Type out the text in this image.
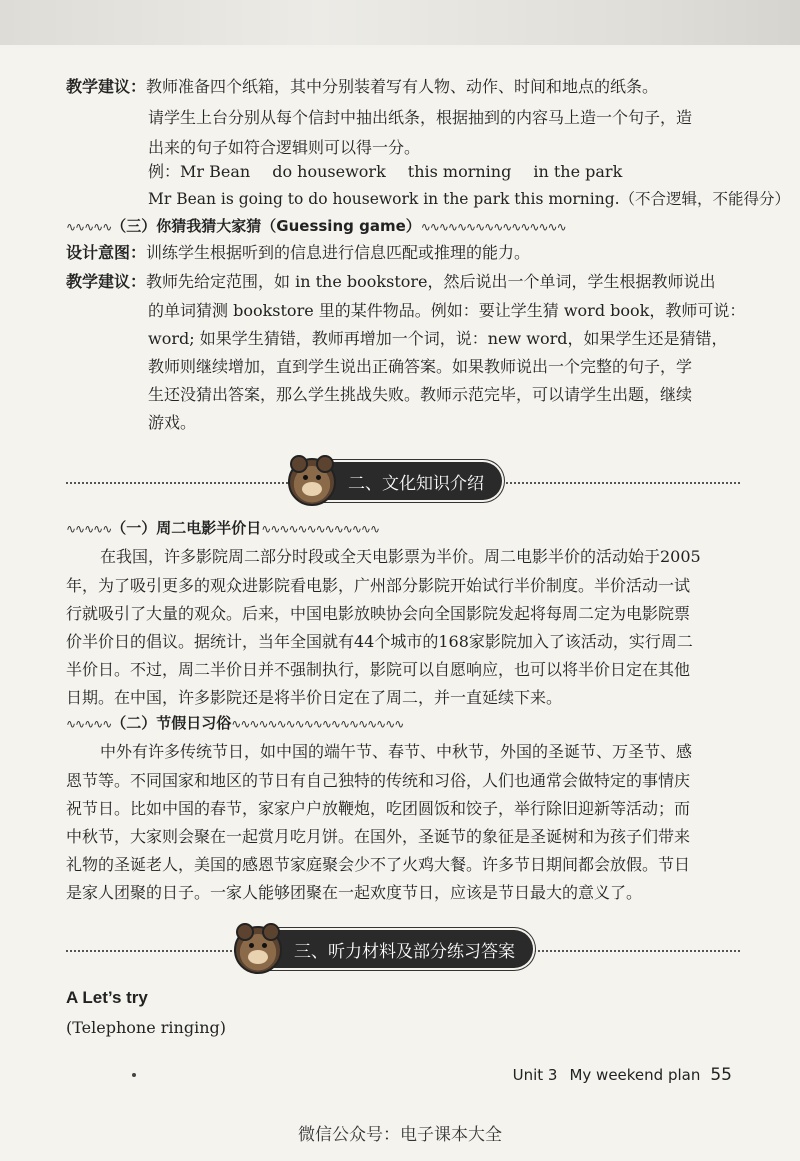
教学建议：教师准备四个纸箱，其中分别装着写有人物、动作、时间和地点的纸条。
请学生上台分别从每个信封中抽出纸条，根据抽到的内容马上造一个句子，造
出来的句子如符合逻辑则可以得一分。
例：Mr Bean do housework this morning in the park
Mr Bean is going to do housework in the park this morning.（不合逻辑，不能得分）
∿∿∿∿∿（三）你猜我猜大家猜（Guessing game）∿∿∿∿∿∿∿∿∿∿∿∿∿∿∿∿
设计意图：训练学生根据听到的信息进行信息匹配或推理的能力。
教学建议：教师先给定范围，如 in the bookstore，然后说出一个单词，学生根据教师说出
的单词猜测 bookstore 里的某件物品。例如：要让学生猜 word book，教师可说：
word; 如果学生猜错，教师再增加一个词，说：new word，如果学生还是猜错，
教师则继续增加，直到学生说出正确答案。如果教师说出一个完整的句子，学
生还没猜出答案，那么学生挑战失败。教师示范完毕，可以请学生出题，继续
游戏。
二、文化知识介绍
∿∿∿∿∿（一）周二电影半价日∿∿∿∿∿∿∿∿∿∿∿∿∿
在我国，许多影院周二部分时段或全天电影票为半价。周二电影半价的活动始于2005
年，为了吸引更多的观众进影院看电影，广州部分影院开始试行半价制度。半价活动一试
行就吸引了大量的观众。后来，中国电影放映协会向全国影院发起将每周二定为电影院票
价半价日的倡议。据统计，当年全国就有44个城市的168家影院加入了该活动，实行周二
半价日。不过，周二半价日并不强制执行，影院可以自愿响应，也可以将半价日定在其他
日期。在中国，许多影院还是将半价日定在了周二，并一直延续下来。
∿∿∿∿∿（二）节假日习俗∿∿∿∿∿∿∿∿∿∿∿∿∿∿∿∿∿∿∿
中外有许多传统节日，如中国的端午节、春节、中秋节，外国的圣诞节、万圣节、感
恩节等。不同国家和地区的节日有自己独特的传统和习俗，人们也通常会做特定的事情庆
祝节日。比如中国的春节，家家户户放鞭炮，吃团圆饭和饺子，举行除旧迎新等活动；而
中秋节，大家则会聚在一起赏月吃月饼。在国外，圣诞节的象征是圣诞树和为孩子们带来
礼物的圣诞老人，美国的感恩节家庭聚会少不了火鸡大餐。许多节日期间都会放假。节日
是家人团聚的日子。一家人能够团聚在一起欢度节日，应该是节日最大的意义了。
三、听力材料及部分练习答案
A Let’s try
(Telephone ringing)
Unit 3 My weekend plan 55
微信公众号：电子课本大全
